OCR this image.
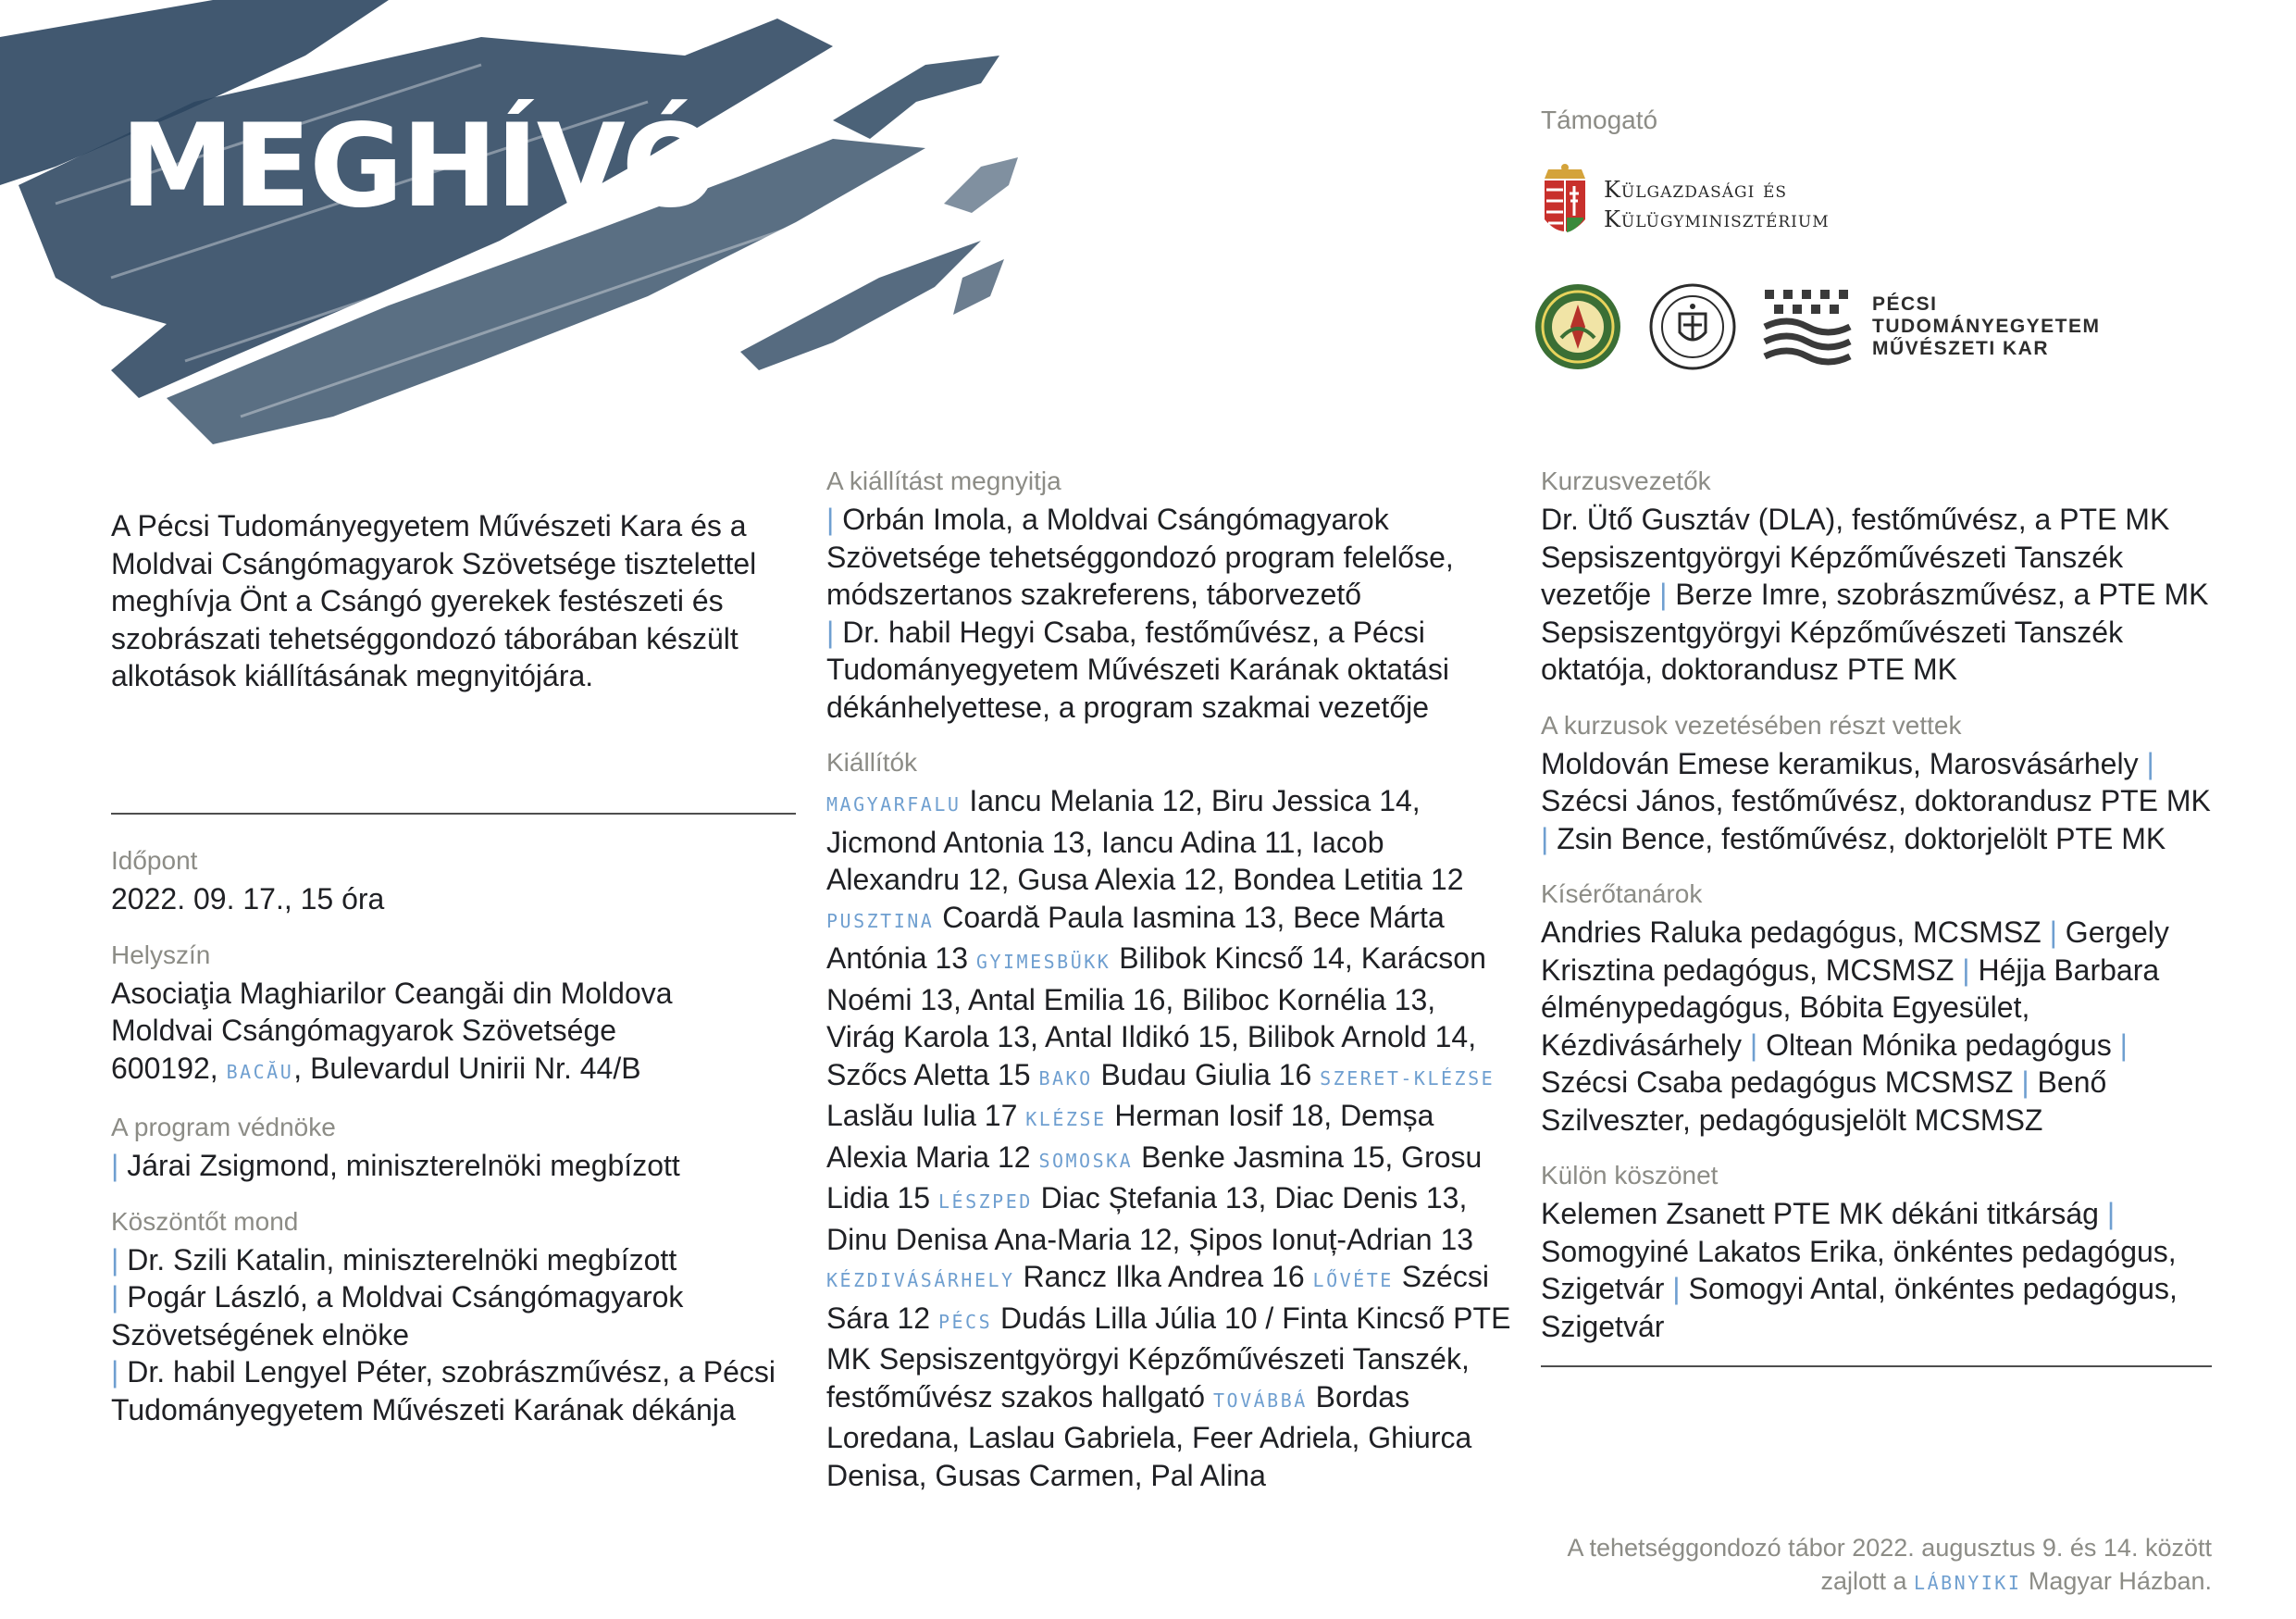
MEGHÍVÓ	Támogató
Külgazdasági és
Külügyminisztérium
PÉCSI
TUDOMÁNYEGYETEM
MŰVÉSZETI KAR
A Pécsi Tudományegyetem Művészeti Kara és a Moldvai Csángómagyarok Szövetsége tisztelettel meghívja Önt a Csángó gyerekek festészeti és szobrászati tehetséggondozó táborában készült alkotások kiállításának megnyitójára.
Időpont
2022. 09. 17., 15 óra
Helyszín
Asociaţia Maghiarilor Ceangăi din Moldova
Moldvai Csángómagyarok Szövetsége
600192, BACĂU, Bulevardul Unirii Nr. 44/B
A program védnöke
| Járai Zsigmond, miniszterelnöki megbízott
Köszöntőt mond
| Dr. Szili Katalin, miniszterelnöki megbízott
| Pogár László, a Moldvai Csángómagyarok Szövetségének elnöke
| Dr. habil Lengyel Péter, szobrászművész, a Pécsi Tudományegyetem Művészeti Karának dékánja
A kiállítást megnyitja
| Orbán Imola, a Moldvai Csángómagyarok Szövetsége tehetséggondozó program felelőse, módszertanos szakreferens, táborvezető
| Dr. habil Hegyi Csaba, festőművész, a Pécsi Tudományegyetem Művészeti Karának oktatási dékánhelyettese, a program szakmai vezetője
Kiállítók
MAGYARFALU Iancu Melania 12, Biru Jessica 14, Jicmond Antonia 13, Iancu Adina 11, Iacob Alexandru 12, Gusa Alexia 12, Bondea Letitia 12 PUSZTINA Coardă Paula Iasmina 13, Bece Márta Antónia 13 GYIMESBÜKK Bilibok Kincső 14, Karácson Noémi 13, Antal Emilia 16, Biliboc Kornélia 13, Virág Karola 13, Antal Ildikó 15, Bilibok Arnold 14, Szőcs Aletta 15 BAKO Budau Giulia 16 SZERET-KLÉZSE Laslău Iulia 17 KLÉZSE Herman Iosif 18, Demșa Alexia Maria 12 SOMOSKA Benke Jasmina 15, Grosu Lidia 15 LÉSZPED Diac Ștefania 13, Diac Denis 13, Dinu Denisa Ana-Maria 12, Șipos Ionuț-Adrian 13 KÉZDIVÁSÁRHELY Rancz Ilka Andrea 16 LŐVÉTE Szécsi Sára 12 PÉCS Dudás Lilla Júlia 10 / Finta Kincső PTE MK Sepsiszentgyörgyi Képzőművészeti Tanszék, festőművész szakos hallgató TOVÁBBÁ Bordas Loredana, Laslau Gabriela, Feer Adriela, Ghiurca Denisa, Gusas Carmen, Pal Alina
Kurzusvezetők
Dr. Ütő Gusztáv (DLA), festőművész, a PTE MK Sepsiszentgyörgyi Képzőművészeti Tanszék vezetője | Berze Imre, szobrászművész, a PTE MK Sepsiszentgyörgyi Képzőművészeti Tanszék oktatója, doktorandusz PTE MK
A kurzusok vezetésében részt vettek
Moldován Emese keramikus, Marosvásárhely | Szécsi János, festőművész, doktorandusz PTE MK | Zsin Bence, festőművész, doktorjelölt PTE MK
Kísérőtanárok
Andries Raluka pedagógus, MCSMSZ | Gergely Krisztina pedagógus, MCSMSZ | Héjja Barbara élménypedagógus, Bóbita Egyesület, Kézdivásárhely | Oltean Mónika pedagógus | Szécsi Csaba pedagógus MCSMSZ | Benő Szilveszter, pedagógusjelölt MCSMSZ
Külön köszönet
Kelemen Zsanett PTE MK dékáni titkárság | Somogyiné Lakatos Erika, önkéntes pedagógus, Szigetvár | Somogyi Antal, önkéntes pedagógus, Szigetvár
A tehetséggondozó tábor 2022. augusztus 9. és 14. között zajlott a LÁBNYIKI Magyar Házban.
